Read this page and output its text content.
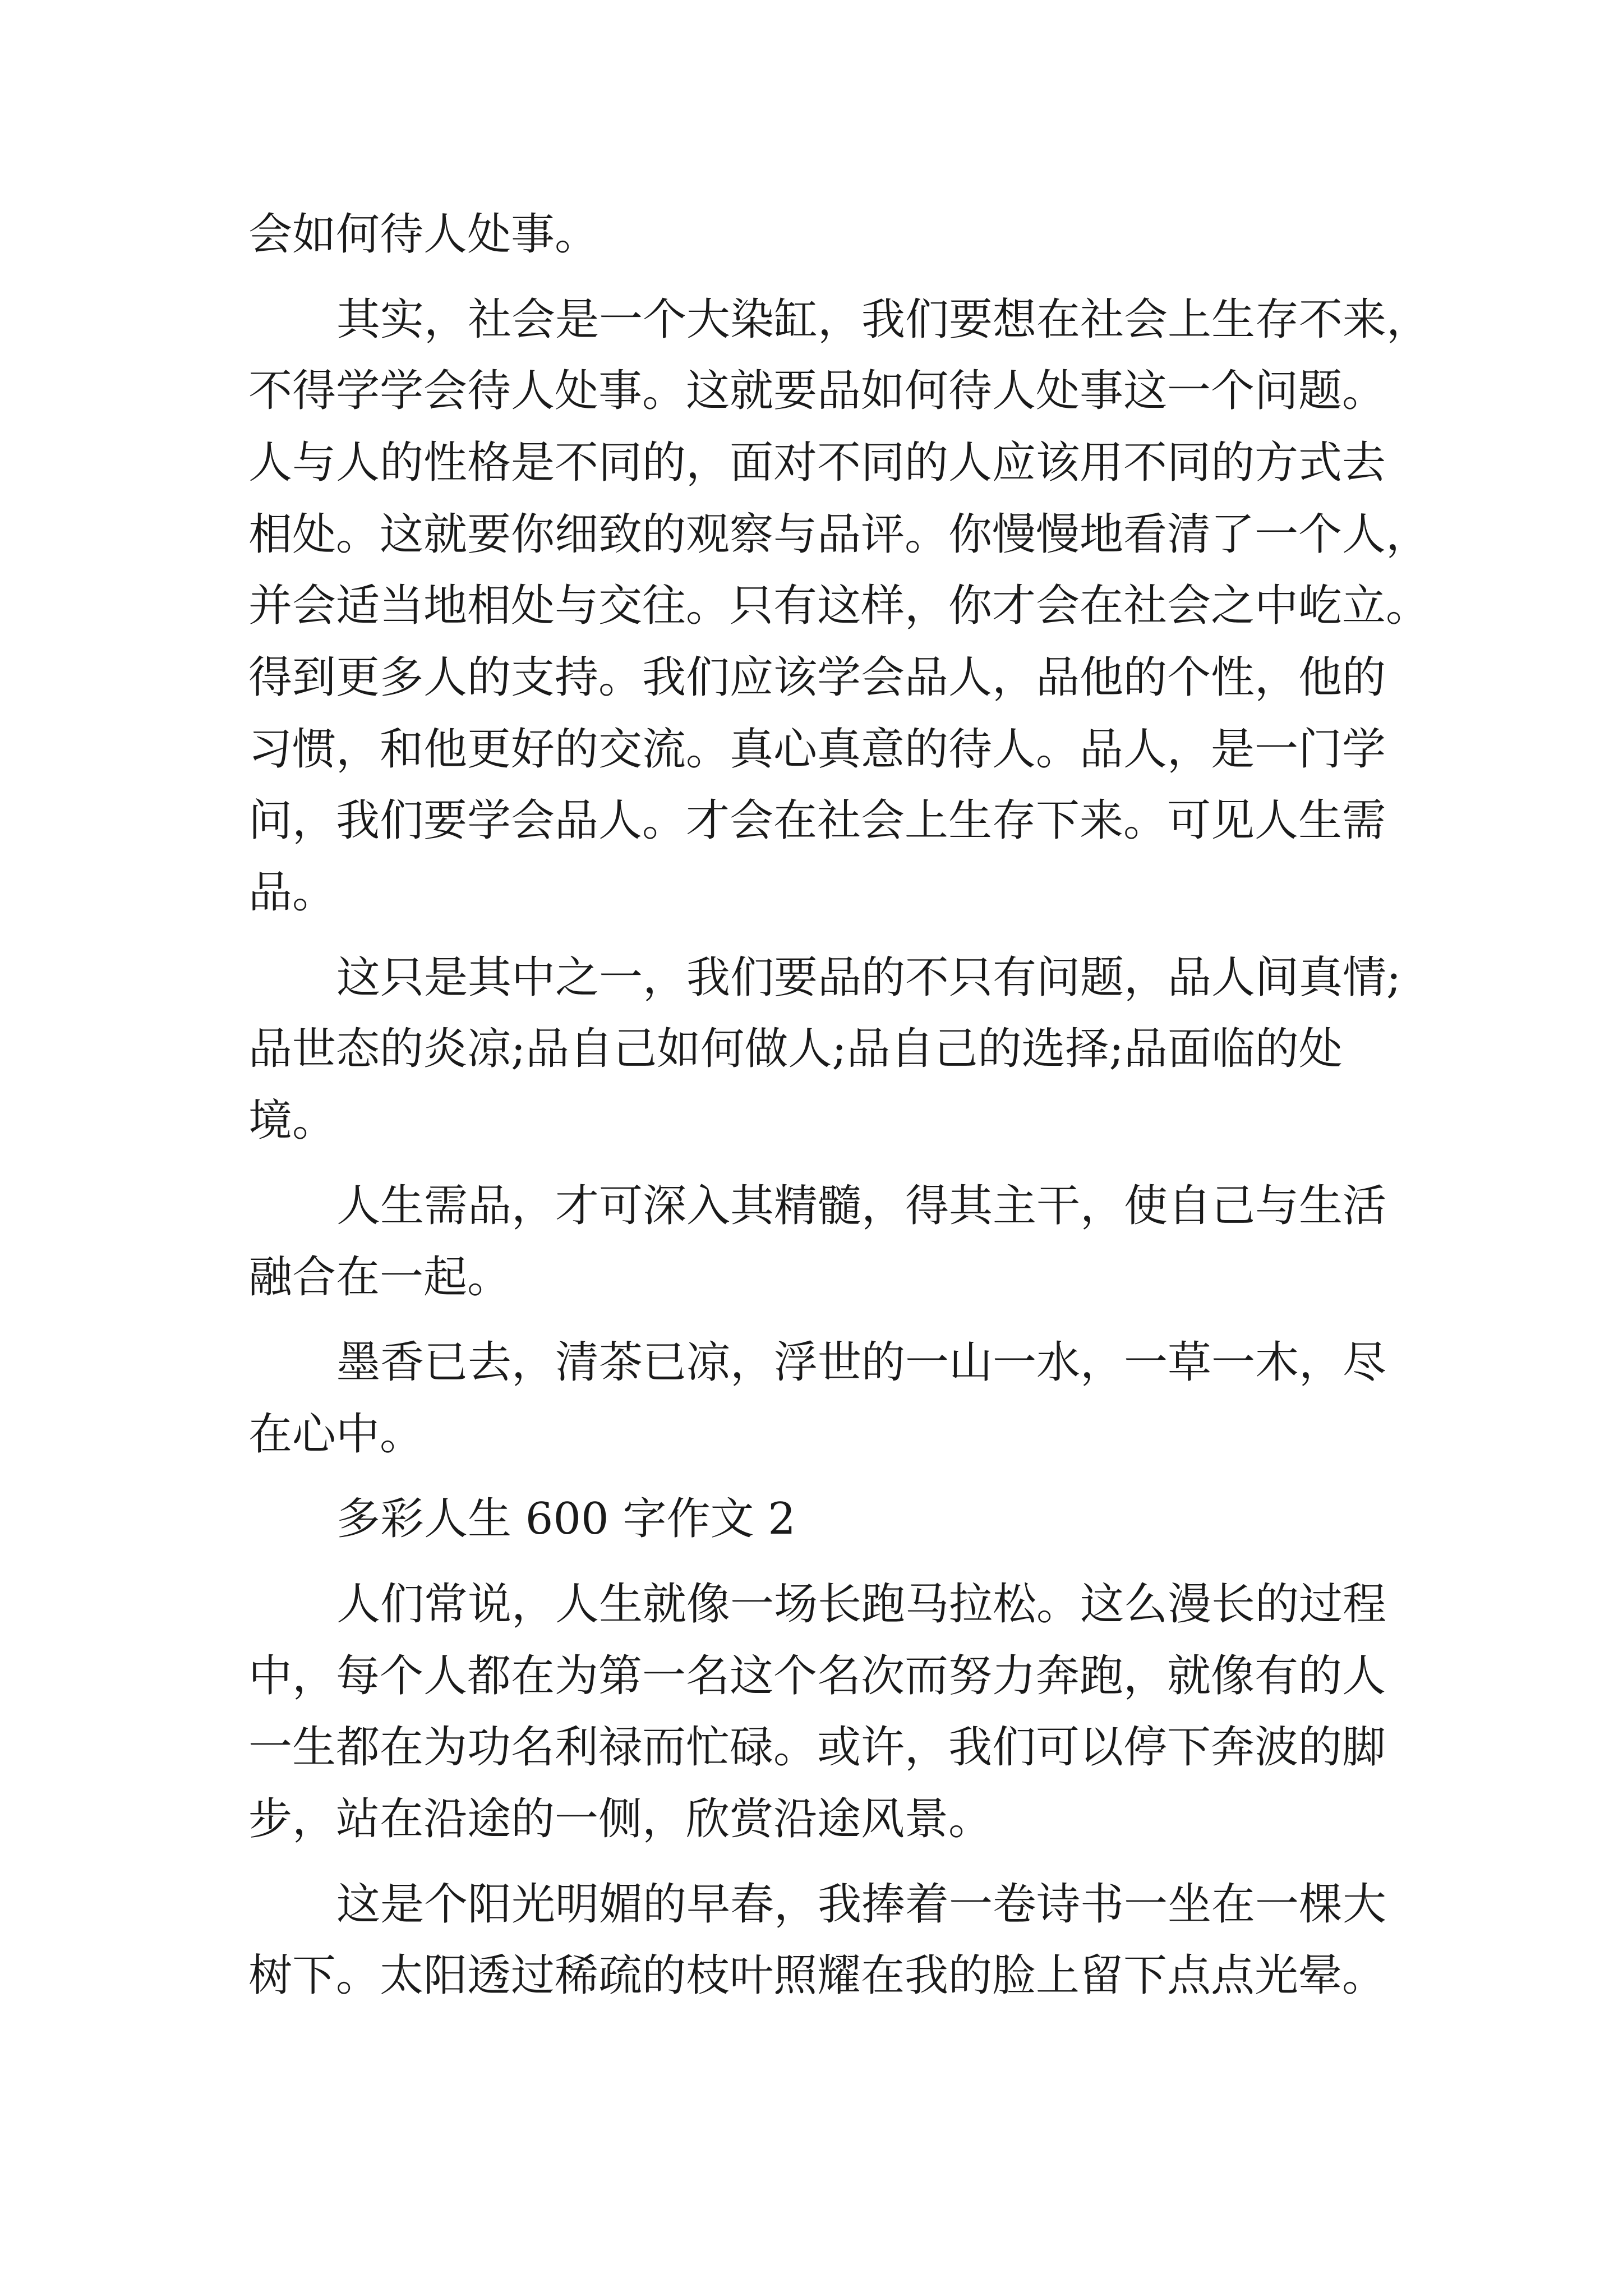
会如何待人处事。
其实，社会是一个大染缸，我们要想在社会上生存不来，
不得学学会待人处事。这就要品如何待人处事这一个问题。
人与人的性格是不同的，面对不同的人应该用不同的方式去
相处。这就要你细致的观察与品评。你慢慢地看清了一个人，
并会适当地相处与交往。只有这样，你才会在社会之中屹立。
得到更多人的支持。我们应该学会品人，品他的个性，他的
习惯，和他更好的交流。真心真意的待人。品人，是一门学
问，我们要学会品人。才会在社会上生存下来。可见人生需
品。
这只是其中之一，我们要品的不只有问题，品人间真情;
品世态的炎凉;品自己如何做人;品自己的选择;品面临的处
境。
人生需品，才可深入其精髓，得其主干，使自己与生活
融合在一起。
墨香已去，清茶已凉，浮世的一山一水，一草一木，尽
在心中。
多彩人生 600 字作文 2
人们常说，人生就像一场长跑马拉松。这么漫长的过程
中，每个人都在为第一名这个名次而努力奔跑，就像有的人
一生都在为功名利禄而忙碌。或许，我们可以停下奔波的脚
步，站在沿途的一侧，欣赏沿途风景。
这是个阳光明媚的早春，我捧着一卷诗书一坐在一棵大
树下。太阳透过稀疏的枝叶照耀在我的脸上留下点点光晕。
